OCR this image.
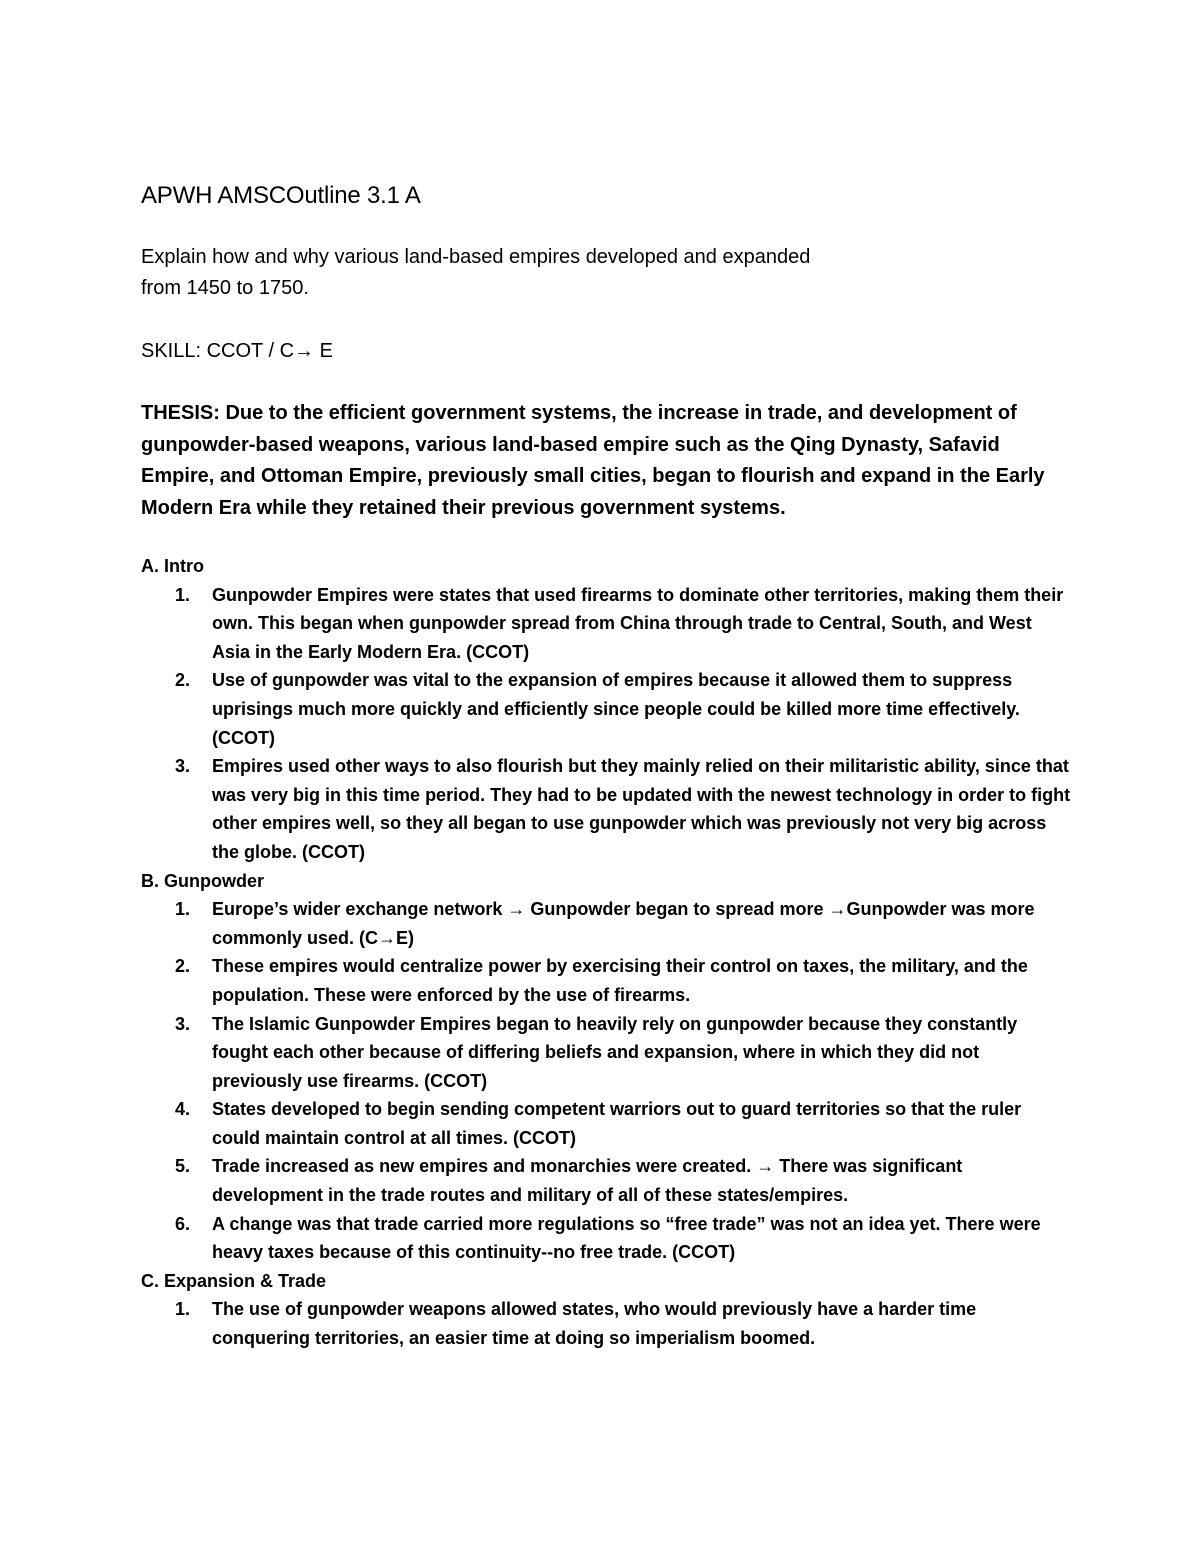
APWH AMSCOutline 3.1 A

Explain how and why various land-based empires developed and expanded from 1450 to 1750.

SKILL: CCOT / C→ E

THESIS: Due to the efficient government systems, the increase in trade, and development of gunpowder-based weapons, various land-based empire such as the Qing Dynasty, Safavid Empire, and Ottoman Empire, previously small cities, began to flourish and expand in the Early Modern Era while they retained their previous government systems.

A. Intro
1. Gunpowder Empires were states that used firearms to dominate other territories, making them their own. This began when gunpowder spread from China through trade to Central, South, and West Asia in the Early Modern Era. (CCOT)
2. Use of gunpowder was vital to the expansion of empires because it allowed them to suppress uprisings much more quickly and efficiently since people could be killed more time effectively. (CCOT)
3. Empires used other ways to also flourish but they mainly relied on their militaristic ability, since that was very big in this time period. They had to be updated with the newest technology in order to fight other empires well, so they all began to use gunpowder which was previously not very big across the globe. (CCOT)
B. Gunpowder
1. Europe’s wider exchange network → Gunpowder began to spread more →Gunpowder was more commonly used. (C→E)
2. These empires would centralize power by exercising their control on taxes, the military, and the population. These were enforced by the use of firearms.
3. The Islamic Gunpowder Empires began to heavily rely on gunpowder because they constantly fought each other because of differing beliefs and expansion, where in which they did not previously use firearms. (CCOT)
4. States developed to begin sending competent warriors out to guard territories so that the ruler could maintain control at all times. (CCOT)
5. Trade increased as new empires and monarchies were created. → There was significant development in the trade routes and military of all of these states/empires.
6. A change was that trade carried more regulations so “free trade” was not an idea yet. There were heavy taxes because of this continuity--no free trade. (CCOT)
C. Expansion & Trade
1. The use of gunpowder weapons allowed states, who would previously have a harder time conquering territories, an easier time at doing so imperialism boomed.
